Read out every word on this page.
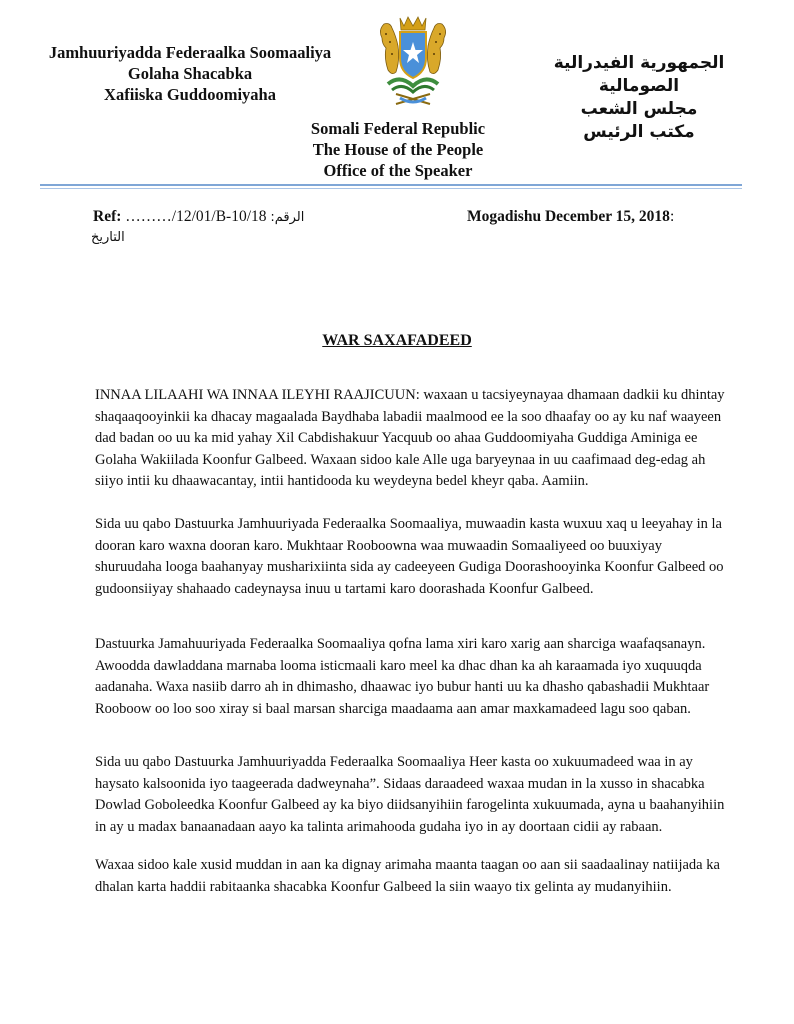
Jamhuuriyadda Federaalka Soomaaliya
Golaha Shacabka
Xafiiska Guddoomiyaha
الجمهورية الفيدرالية الصومالية
مجلس الشعب
مكتب الرئيس
Somali Federal Republic
The House of the People
Office of the Speaker
Ref: ………/12/01/B-10/18 الرقم:
التاريخ
Mogadishu December 15, 2018:
WAR SAXAFADEED
INNAA LILAAHI WA INNAA ILEYHI RAAJICUUN: waxaan u tacsiyeynayaa dhamaan dadkii ku dhintay shaqaaqooyinkii ka dhacay magaalada Baydhaba labadii maalmood ee la soo dhaafay oo ay ku naf waayeen dad badan oo uu ka mid yahay Xil Cabdishakuur Yacquub oo ahaa Guddoomiyaha Guddiga Aminiga ee Golaha Wakiilada Koonfur Galbeed. Waxaan sidoo kale Alle uga baryeynaa in uu caafimaad deg-edag ah siiyo intii ku dhaawacantay, intii hantidooda ku weydeyna bedel kheyr qaba. Aamiin.
Sida uu qabo Dastuurka Jamhuuriyada Federaalka Soomaaliya, muwaadin kasta wuxuu xaq u leeyahay in la dooran karo waxna dooran karo. Mukhtaar Rooboowna waa muwaadin Somaaliyeed oo buuxiyay shuruudaha looga baahanyay musharixiinta sida ay cadeeyeen Gudiga Doorashooyinka Koonfur Galbeed oo gudoonsiiyay shahaado cadeynaysa inuu u tartami karo doorashada Koonfur Galbeed.
Dastuurka Jamahuuriyada Federaalka Soomaaliya qofna lama xiri karo xarig aan sharciga waafaqsanayn. Awoodda dawladdana marnaba looma isticmaali karo meel ka dhac dhan ka ah karaamada iyo xuquuqda aadanaha. Waxa nasiib darro ah in dhimasho, dhaawac iyo bubur hanti uu ka dhasho qabashadii Mukhtaar Rooboow oo loo soo xiray si baal marsan sharciga maadaama aan amar maxkamadeed lagu soo qaban.
Sida uu qabo Dastuurka Jamhuuriyadda Federaalka Soomaaliya Heer kasta oo xukuumadeed waa in ay haysato kalsoonida iyo taageerada dadweynaha”. Sidaas daraadeed waxaa mudan in la xusso in shacabka Dowlad Goboleedka Koonfur Galbeed ay ka biyo diidsanyihiin farogelinta xukuumada, ayna u baahanyihiin in ay u madax banaanadaan aayo ka talinta arimahooda gudaha iyo in ay doortaan cidii ay rabaan.
Waxaa sidoo kale xusid muddan in aan ka dignay arimaha maanta taagan oo aan sii saadaalinay natiijada ka dhalan karta haddii rabitaanka shacabka Koonfur Galbeed la siin waayo tix gelinta ay mudanyihiin.
